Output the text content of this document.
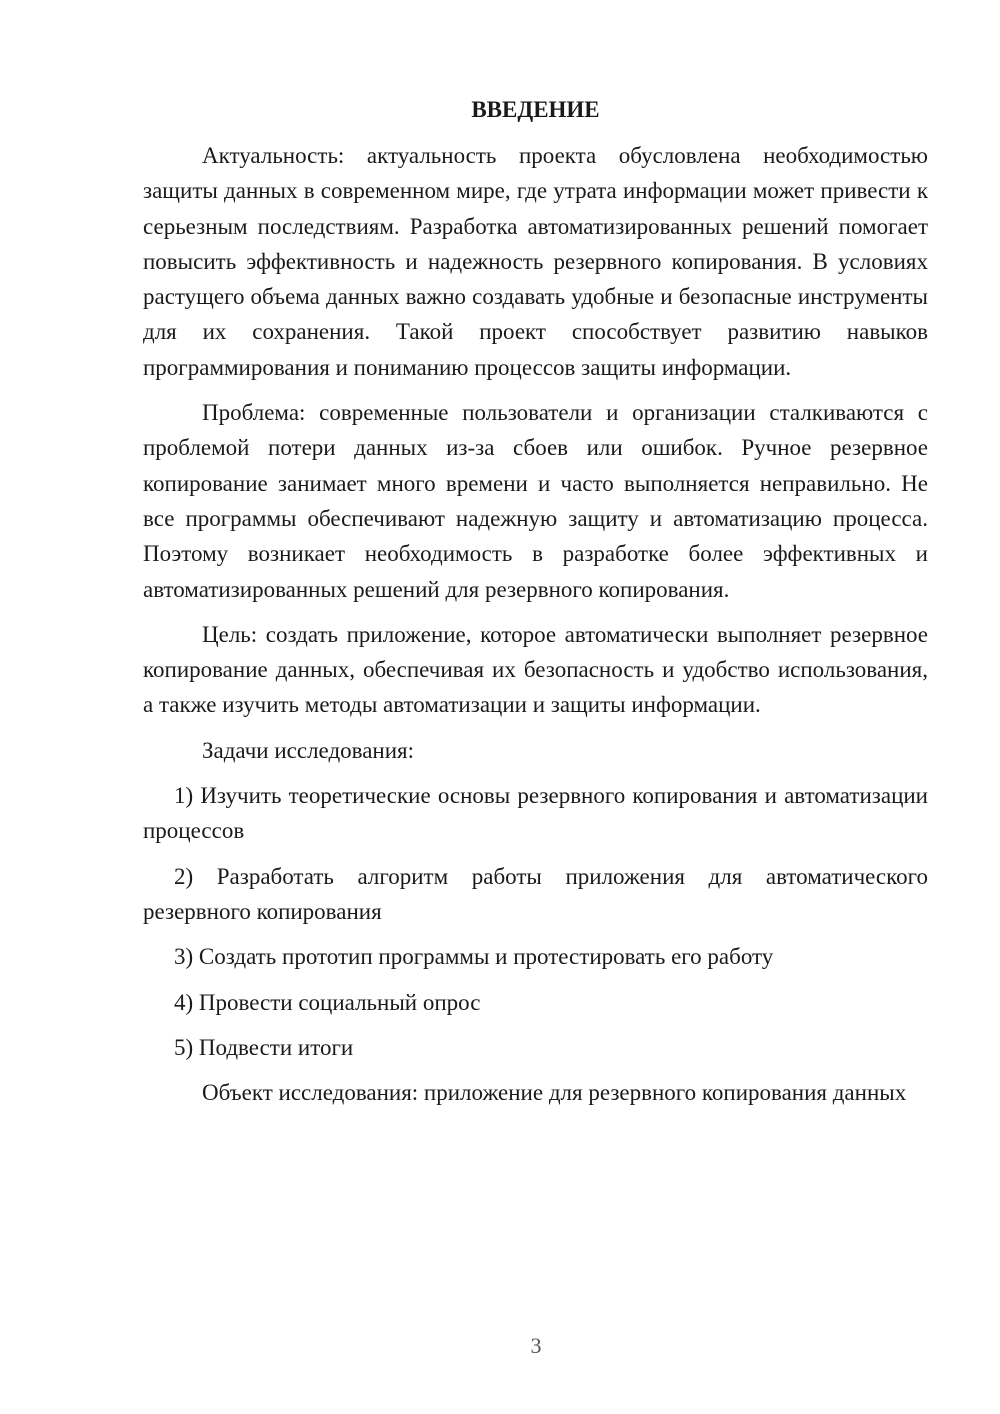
ВВЕДЕНИЕ

Актуальность: актуальность проекта обусловлена необходимостью защиты данных в современном мире, где утрата информации может привести к серьезным последствиям. Разработка автоматизированных решений помогает повысить эффективность и надежность резервного копирования. В условиях растущего объема данных важно создавать удобные и безопасные инструменты для их сохранения. Такой проект способствует развитию навыков программирования и пониманию процессов защиты информации.

Проблема: современные пользователи и организации сталкиваются с проблемой потери данных из-за сбоев или ошибок. Ручное резервное копирование занимает много времени и часто выполняется неправильно. Не все программы обеспечивают надежную защиту и автоматизацию процесса. Поэтому возникает необходимость в разработке более эффективных и автоматизированных решений для резервного копирования.

Цель: создать приложение, которое автоматически выполняет резервное копирование данных, обеспечивая их безопасность и удобство использования, а также изучить методы автоматизации и защиты информации.

Задачи исследования:

1) Изучить теоретические основы резервного копирования и автоматизации процессов

2) Разработать алгоритм работы приложения для автоматического резервного копирования

3) Создать прототип программы и протестировать его работу

4) Провести социальный опрос

5) Подвести итоги

Объект исследования: приложение для резервного копирования данных

3
